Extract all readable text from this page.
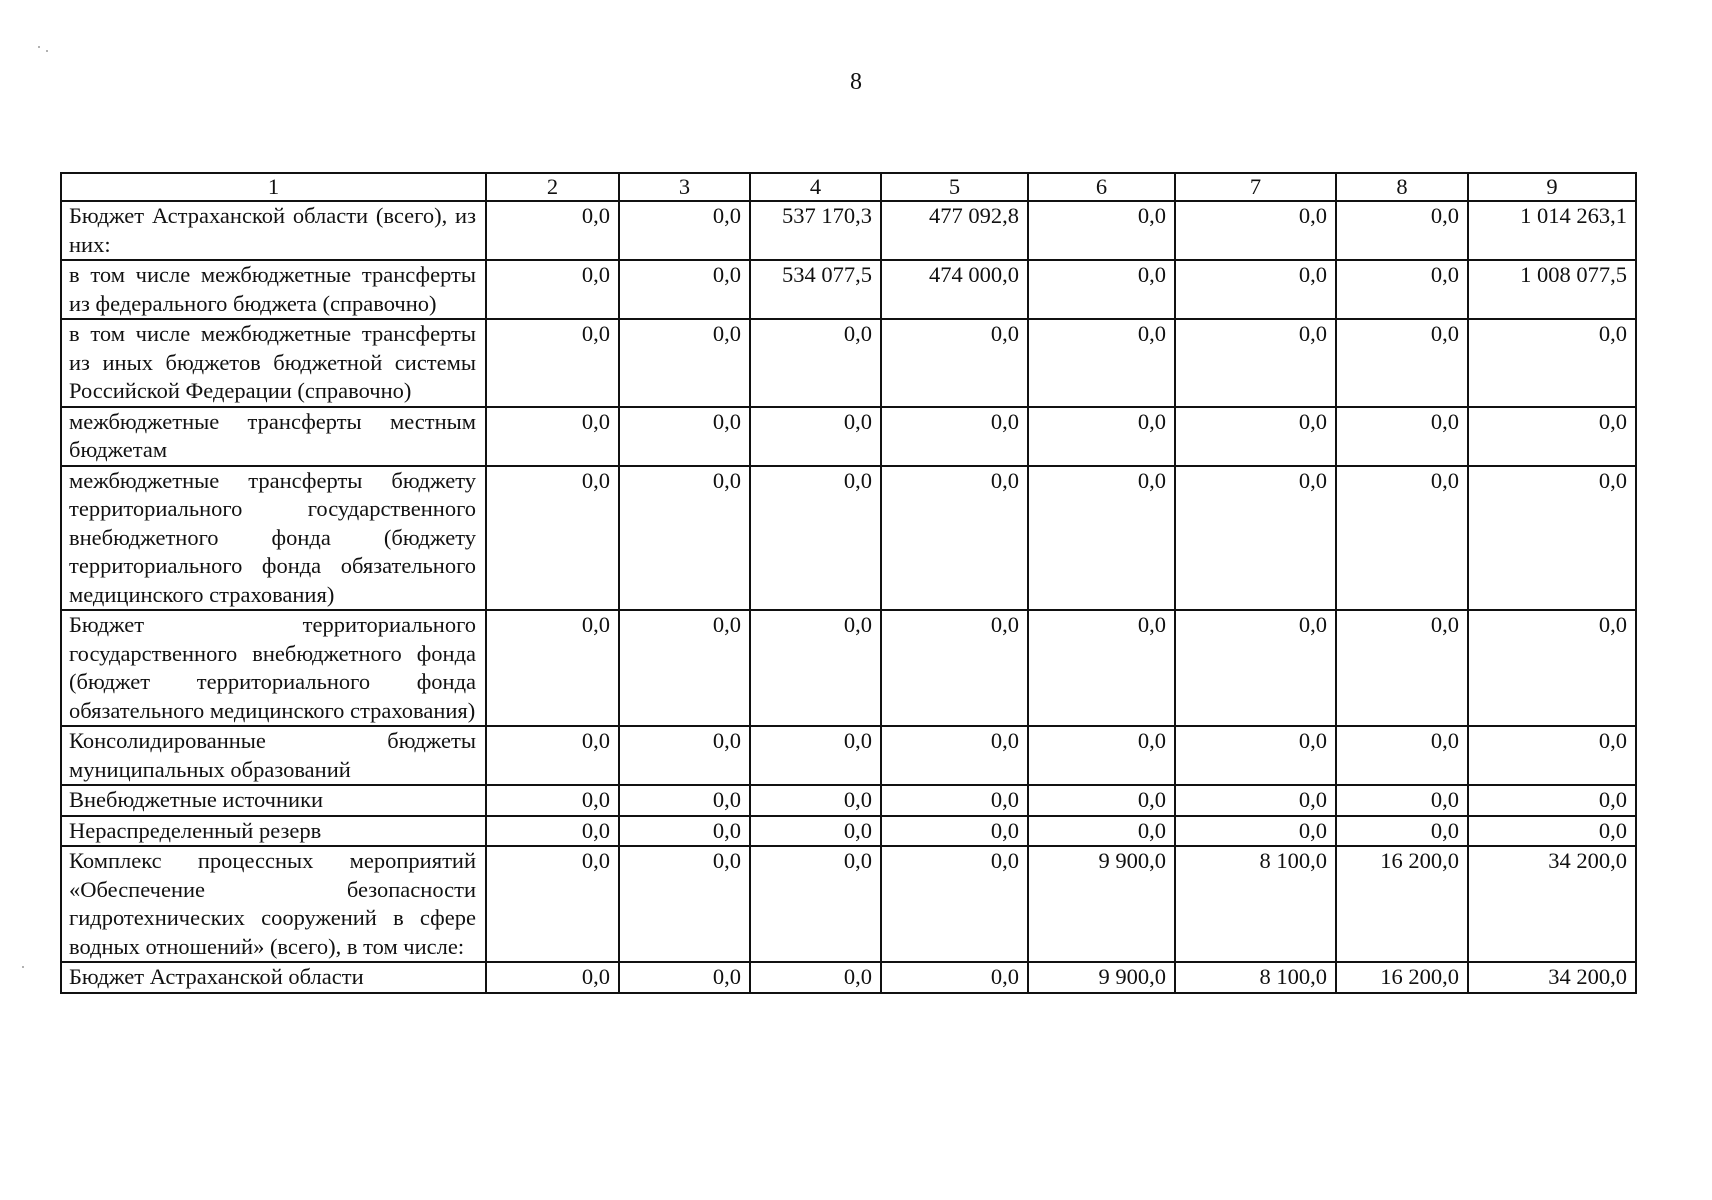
8
1	2	3	4	5	6	7	8	9
Бюджет Астраханской области (всего), из них:	0,0	0,0	537 170,3	477 092,8	0,0	0,0	0,0	1 014 263,1
в том числе межбюджетные трансферты из федерального бюджета (справочно)	0,0	0,0	534 077,5	474 000,0	0,0	0,0	0,0	1 008 077,5
в том числе межбюджетные трансферты из иных бюджетов бюджетной системы Российской Федерации (справочно)	0,0	0,0	0,0	0,0	0,0	0,0	0,0	0,0
межбюджетные трансферты местным бюджетам	0,0	0,0	0,0	0,0	0,0	0,0	0,0	0,0
межбюджетные трансферты бюджету территориального государственного внебюджетного фонда (бюджету территориального фонда обязательного медицинского страхования)	0,0	0,0	0,0	0,0	0,0	0,0	0,0	0,0
Бюджет территориального государственного внебюджетного фонда (бюджет территориального фонда обязательного медицинского страхования)	0,0	0,0	0,0	0,0	0,0	0,0	0,0	0,0
Консолидированные бюджеты муниципальных образований	0,0	0,0	0,0	0,0	0,0	0,0	0,0	0,0
Внебюджетные источники	0,0	0,0	0,0	0,0	0,0	0,0	0,0	0,0
Нераспределенный резерв	0,0	0,0	0,0	0,0	0,0	0,0	0,0	0,0
Комплекс процессных мероприятий «Обеспечение безопасности гидротехнических сооружений в сфере водных отношений» (всего), в том числе:	0,0	0,0	0,0	0,0	9 900,0	8 100,0	16 200,0	34 200,0
Бюджет Астраханской области	0,0	0,0	0,0	0,0	9 900,0	8 100,0	16 200,0	34 200,0
